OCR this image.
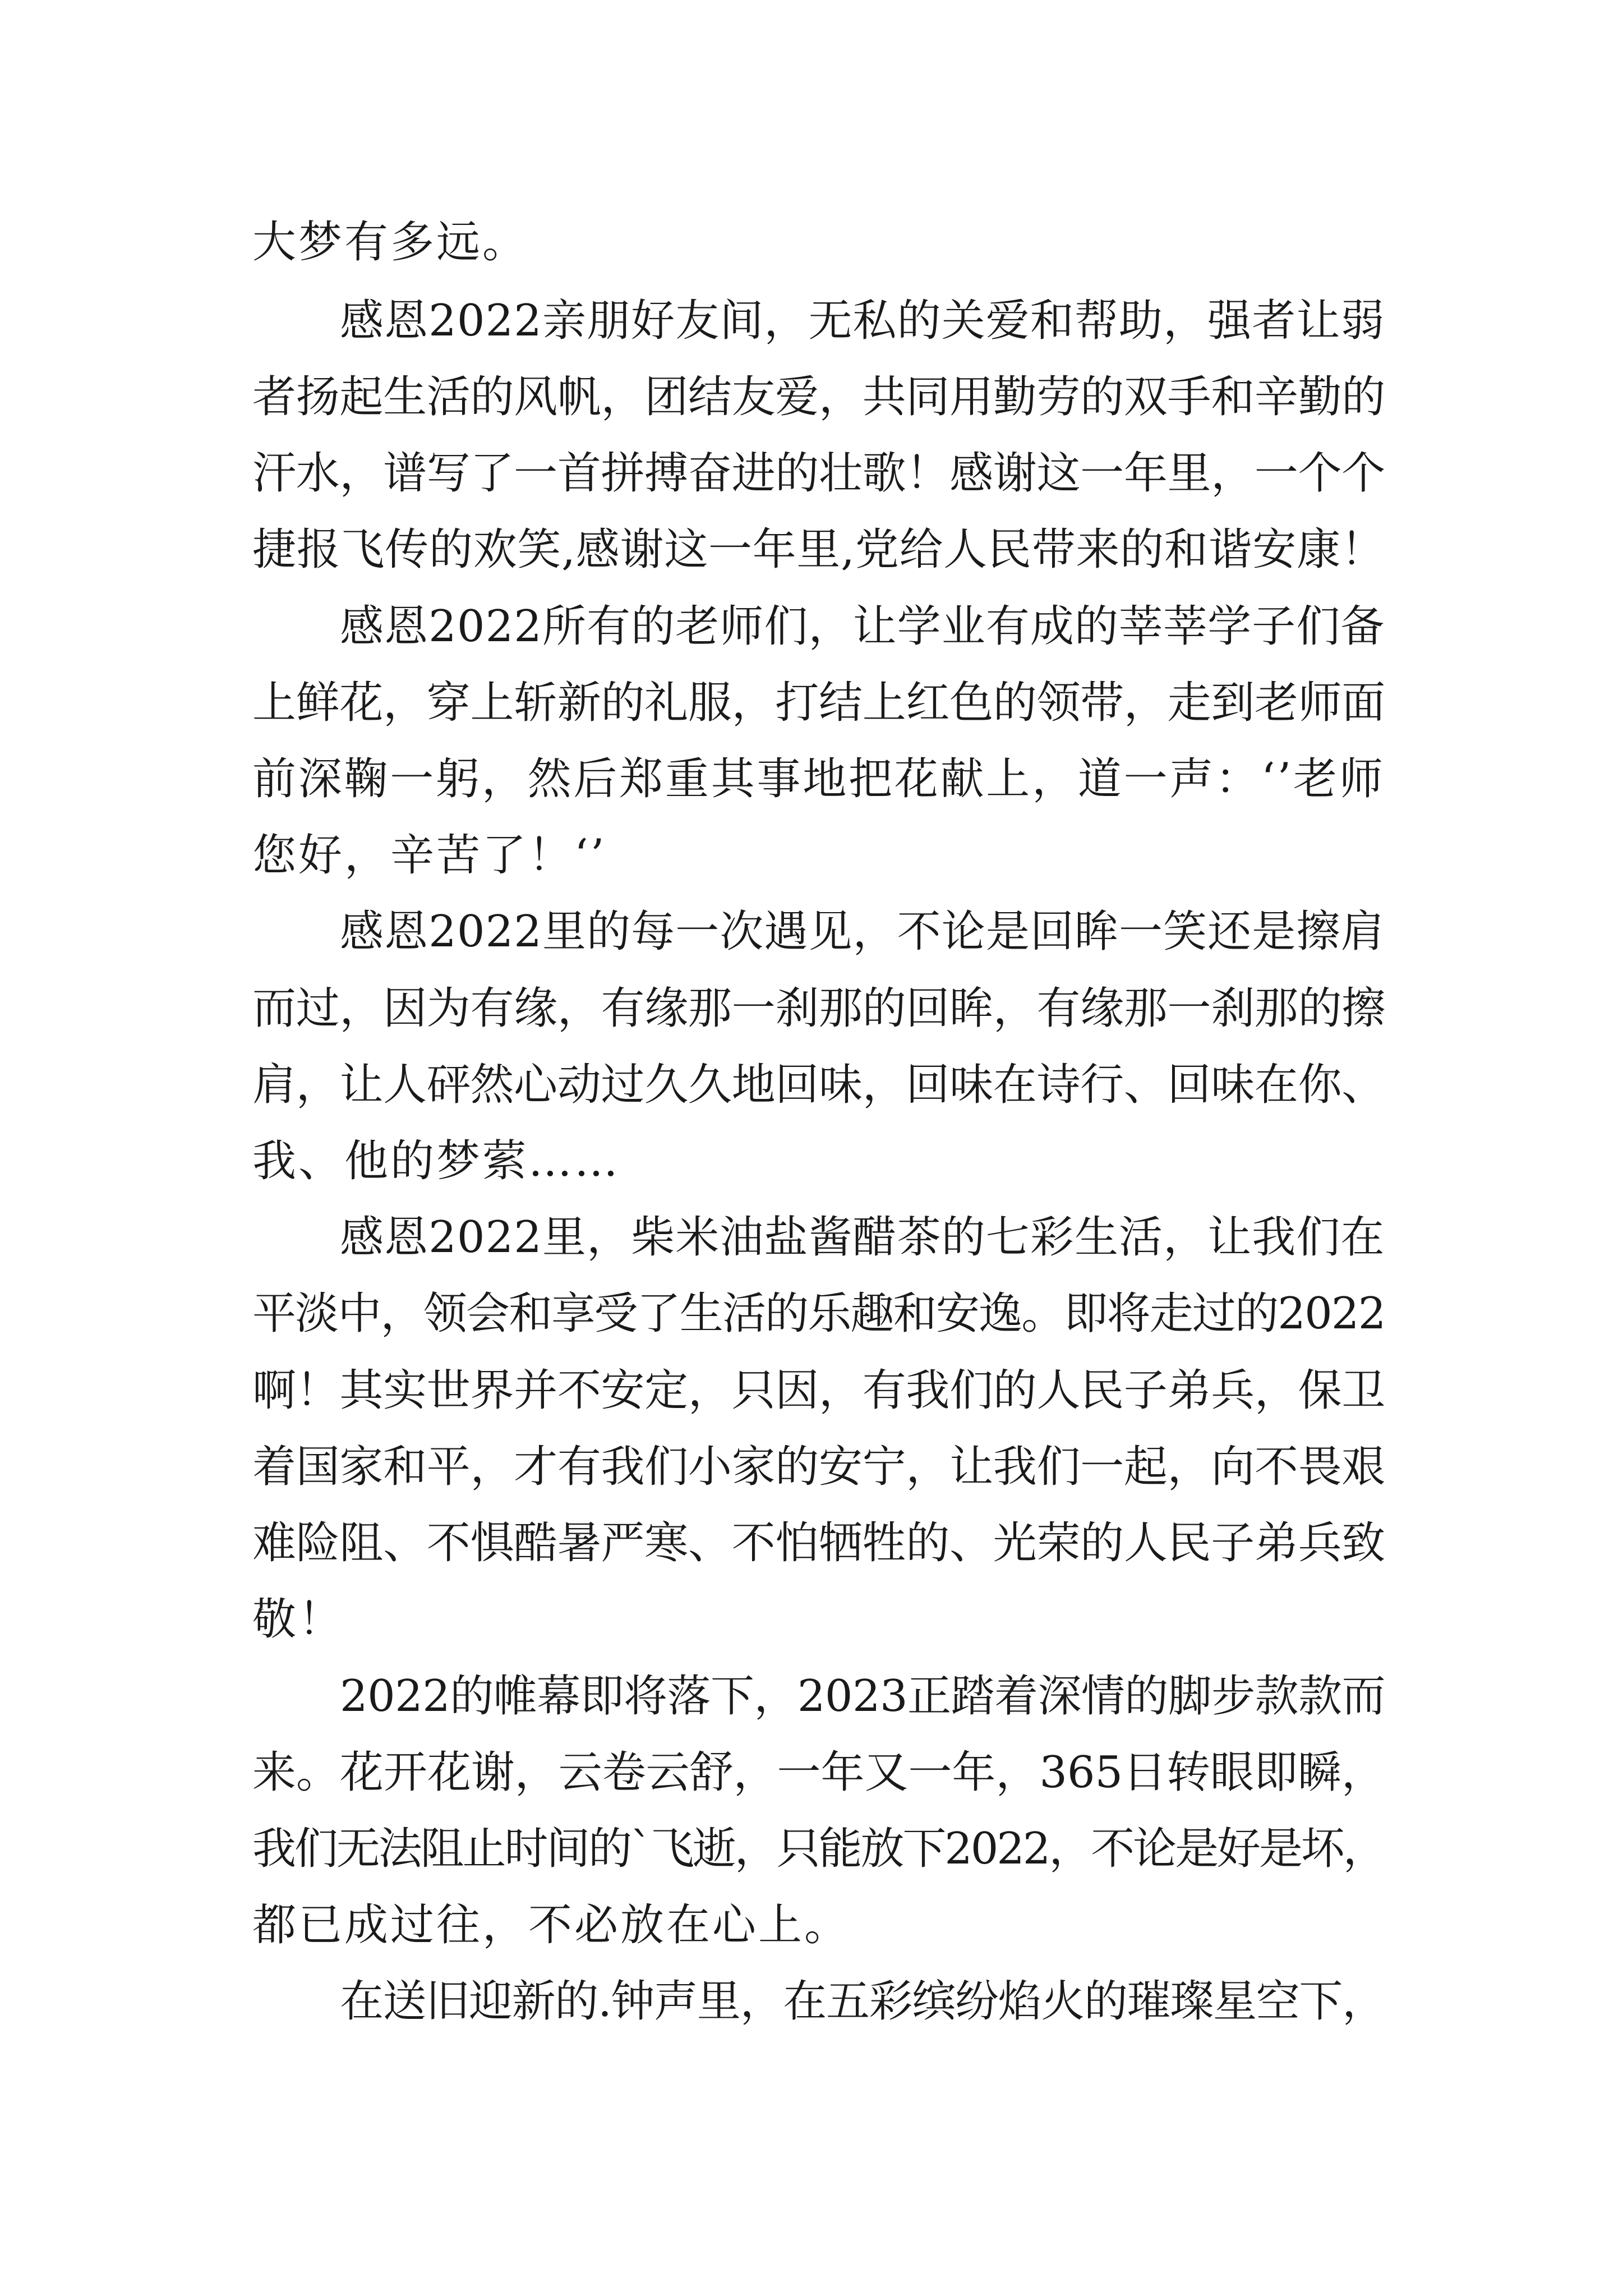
大梦有多远。
感恩2022亲朋好友间，无私的关爱和帮助，强者让弱
者扬起生活的风帆，团结友爱，共同用勤劳的双手和辛勤的
汗水，谱写了一首拼搏奋进的壮歌！感谢这一年里，一个个
捷报飞传的欢笑,感谢这一年里,党给人民带来的和谐安康！
感恩2022所有的老师们，让学业有成的莘莘学子们备
上鲜花，穿上斩新的礼服，打结上红色的领带，走到老师面
前深鞠一躬，然后郑重其事地把花献上，道一声：‘’老师
您好，辛苦了！‘’
感恩2022里的每一次遇见，不论是回眸一笑还是擦肩
而过，因为有缘，有缘那一刹那的回眸，有缘那一刹那的擦
肩，让人砰然心动过久久地回味，回味在诗行、回味在你、
我、他的梦萦……
感恩2022里，柴米油盐酱醋茶的七彩生活，让我们在
平淡中，领会和享受了生活的乐趣和安逸。即将走过的2022
啊！其实世界并不安定，只因，有我们的人民子弟兵，保卫
着国家和平，才有我们小家的安宁，让我们一起，向不畏艰
难险阻、不惧酷暑严寒、不怕牺牲的、光荣的人民子弟兵致
敬！
2022的帷幕即将落下，2023正踏着深情的脚步款款而
来。花开花谢，云卷云舒，一年又一年，365日转眼即瞬，
我们无法阻止时间的`飞逝，只能放下2022，不论是好是坏，
都已成过往，不必放在心上。
在送旧迎新的.钟声里，在五彩缤纷焰火的璀璨星空下，
